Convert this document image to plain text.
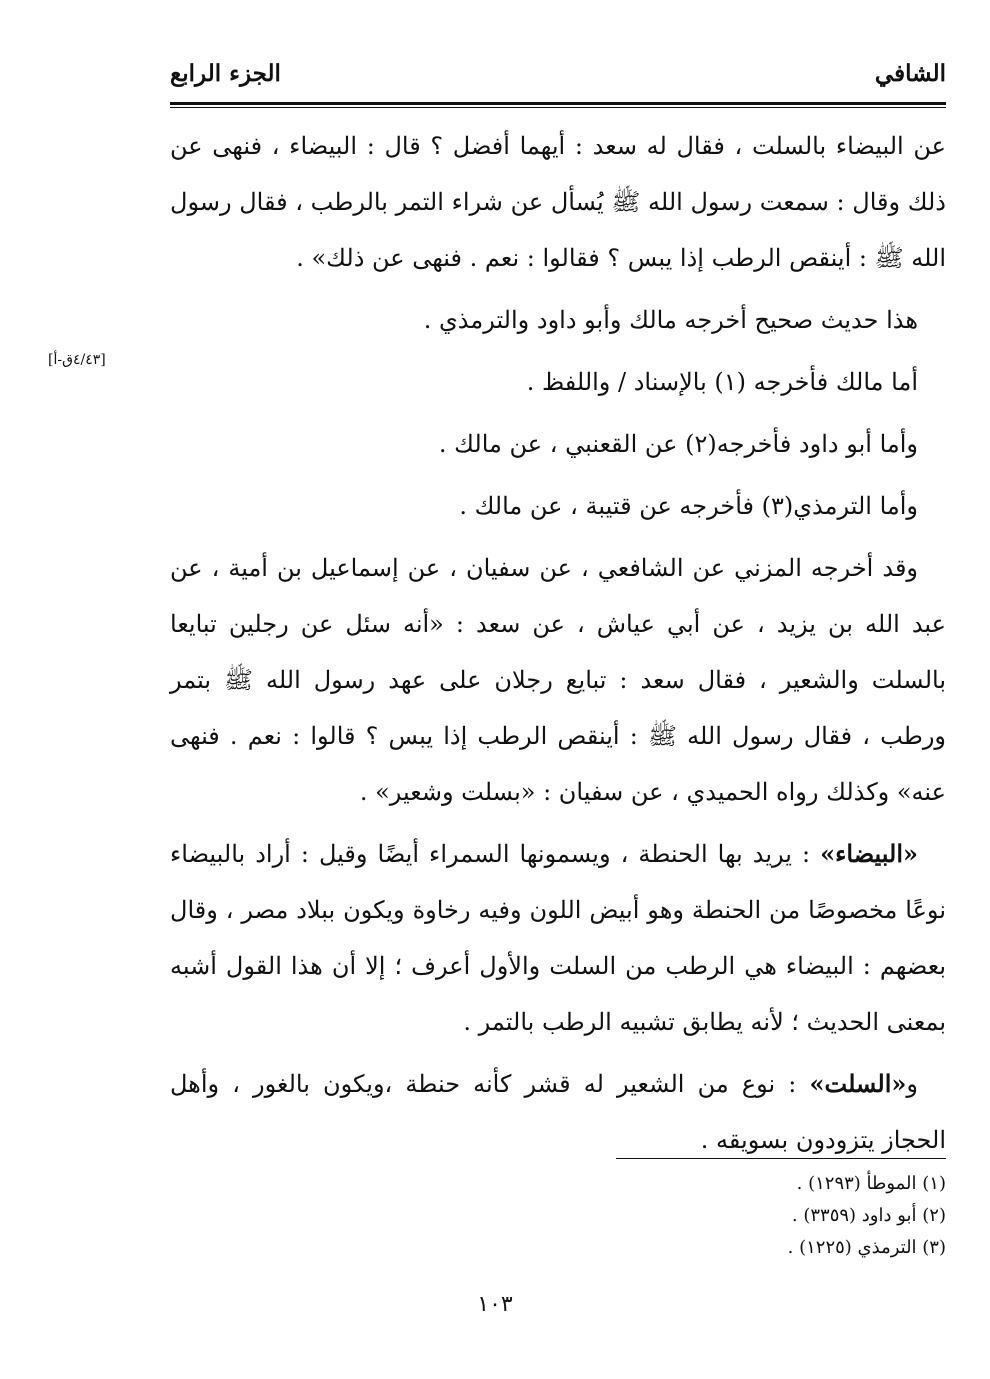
الشافي
الجزء الرابع
[٤/٤٣ق-أ]

عن البيضاء بالسلت ، فقال له سعد : أيهما أفضل ؟ قال : البيضاء ، فنهى عن ذلك وقال : سمعت رسول الله ﷺ يُسأل عن شراء التمر بالرطب ، فقال رسول الله ﷺ : أينقص الرطب إذا يبس ؟ فقالوا : نعم . فنهى عن ذلك» .

هذا حديث صحيح أخرجه مالك وأبو داود والترمذي .

أما مالك فأخرجه (١) بالإسناد / واللفظ .

وأما أبو داود فأخرجه(٢) عن القعنبي ، عن مالك .

وأما الترمذي(٣) فأخرجه عن قتيبة ، عن مالك .

وقد أخرجه المزني عن الشافعي ، عن سفيان ، عن إسماعيل بن أمية ، عن عبد الله بن يزيد ، عن أبي عياش ، عن سعد : «أنه سئل عن رجلين تبايعا بالسلت والشعير ، فقال سعد : تبايع رجلان على عهد رسول الله ﷺ بتمر ورطب ، فقال رسول الله ﷺ : أينقص الرطب إذا يبس ؟ قالوا : نعم . فنهى عنه» وكذلك رواه الحميدي ، عن سفيان : «بسلت وشعير» .

«البيضاء» : يريد بها الحنطة ، ويسمونها السمراء أيضًا وقيل : أراد بالبيضاء نوعًا مخصوصًا من الحنطة وهو أبيض اللون وفيه رخاوة ويكون ببلاد مصر ، وقال بعضهم : البيضاء هي الرطب من السلت والأول أعرف ؛ إلا أن هذا القول أشبه بمعنى الحديث ؛ لأنه يطابق تشبيه الرطب بالتمر .

و«السلت» : نوع من الشعير له قشر كأنه حنطة ،ويكون بالغور ، وأهل الحجاز يتزودون بسويقه .

(١) الموطأ (١٢٩٣) .
(٢) أبو داود (٣٣٥٩) .
(٣) الترمذي (١٢٢٥) .
١٠٣
